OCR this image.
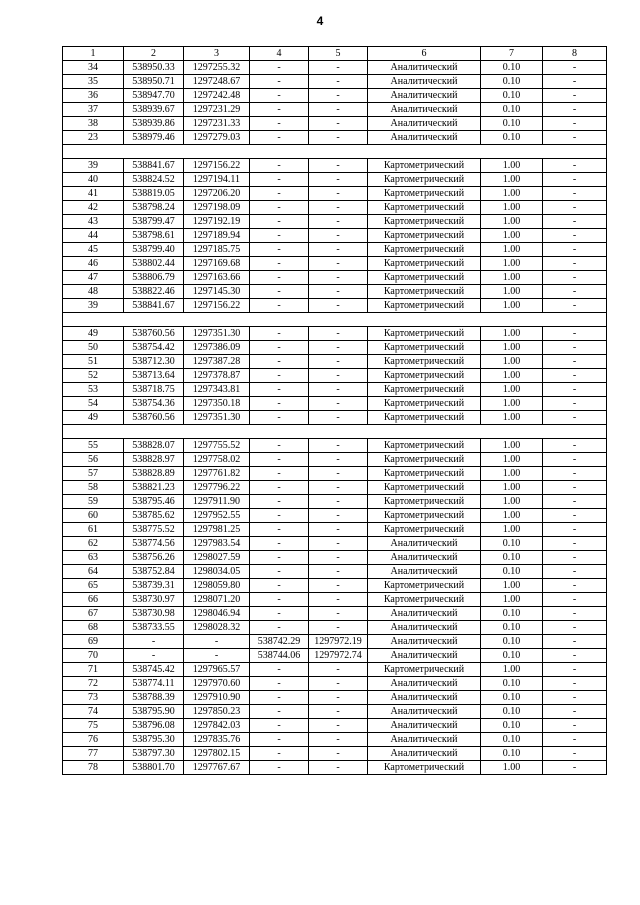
4
1	2	3	4	5	6	7	8
34	538950.33	1297255.32	-	-	Аналитический	0.10	-
35	538950.71	1297248.67	-	-	Аналитический	0.10	-
36	538947.70	1297242.48	-	-	Аналитический	0.10	-
37	538939.67	1297231.29	-	-	Аналитический	0.10	-
38	538939.86	1297231.33	-	-	Аналитический	0.10	-
23	538979.46	1297279.03	-	-	Аналитический	0.10	-

39	538841.67	1297156.22	-	-	Картометрический	1.00	-
40	538824.52	1297194.11	-	-	Картометрический	1.00	-
41	538819.05	1297206.20	-	-	Картометрический	1.00	-
42	538798.24	1297198.09	-	-	Картометрический	1.00	-
43	538799.47	1297192.19	-	-	Картометрический	1.00	-
44	538798.61	1297189.94	-	-	Картометрический	1.00	-
45	538799.40	1297185.75	-	-	Картометрический	1.00	-
46	538802.44	1297169.68	-	-	Картометрический	1.00	-
47	538806.79	1297163.66	-	-	Картометрический	1.00	-
48	538822.46	1297145.30	-	-	Картометрический	1.00	-
39	538841.67	1297156.22	-	-	Картометрический	1.00	-

49	538760.56	1297351.30	-	-	Картометрический	1.00	-
50	538754.42	1297386.09	-	-	Картометрический	1.00	-
51	538712.30	1297387.28	-	-	Картометрический	1.00	-
52	538713.64	1297378.87	-	-	Картометрический	1.00	-
53	538718.75	1297343.81	-	-	Картометрический	1.00	-
54	538754.36	1297350.18	-	-	Картометрический	1.00	-
49	538760.56	1297351.30	-	-	Картометрический	1.00	-

55	538828.07	1297755.52	-	-	Картометрический	1.00	-
56	538828.97	1297758.02	-	-	Картометрический	1.00	-
57	538828.89	1297761.82	-	-	Картометрический	1.00	-
58	538821.23	1297796.22	-	-	Картометрический	1.00	-
59	538795.46	1297911.90	-	-	Картометрический	1.00	-
60	538785.62	1297952.55	-	-	Картометрический	1.00	-
61	538775.52	1297981.25	-	-	Картометрический	1.00	-
62	538774.56	1297983.54	-	-	Аналитический	0.10	-
63	538756.26	1298027.59	-	-	Аналитический	0.10	-
64	538752.84	1298034.05	-	-	Аналитический	0.10	-
65	538739.31	1298059.80	-	-	Картометрический	1.00	-
66	538730.97	1298071.20	-	-	Картометрический	1.00	-
67	538730.98	1298046.94	-	-	Аналитический	0.10	-
68	538733.55	1298028.32	-	-	Аналитический	0.10	-
69	-	-	538742.29	1297972.19	Аналитический	0.10	-
70	-	-	538744.06	1297972.74	Аналитический	0.10	-
71	538745.42	1297965.57	-	-	Картометрический	1.00	-
72	538774.11	1297970.60	-	-	Аналитический	0.10	-
73	538788.39	1297910.90	-	-	Аналитический	0.10	-
74	538795.90	1297850.23	-	-	Аналитический	0.10	-
75	538796.08	1297842.03	-	-	Аналитический	0.10	-
76	538795.30	1297835.76	-	-	Аналитический	0.10	-
77	538797.30	1297802.15	-	-	Аналитический	0.10	-
78	538801.70	1297767.67	-	-	Картометрический	1.00	-
